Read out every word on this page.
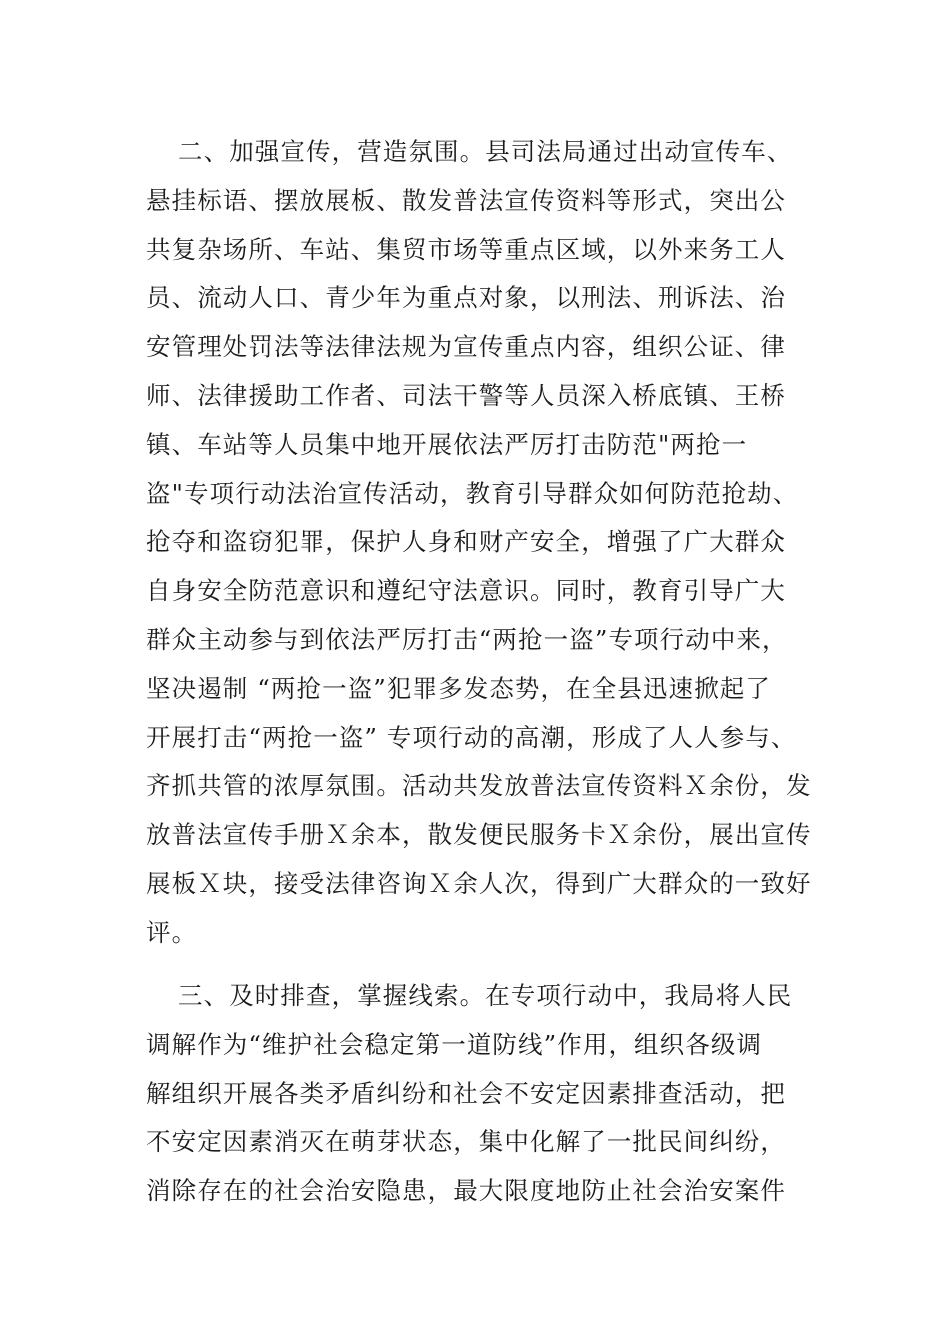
二、加强宣传，营造氛围。县司法局通过出动宣传车、
悬挂标语、摆放展板、散发普法宣传资料等形式，突出公
共复杂场所、车站、集贸市场等重点区域，以外来务工人
员、流动人口、青少年为重点对象，以刑法、刑诉法、治
安管理处罚法等法律法规为宣传重点内容，组织公证、律
师、法律援助工作者、司法干警等人员深入桥底镇、王桥
镇、车站等人员集中地开展依法严厉打击防范"两抢一
盗"专项行动法治宣传活动，教育引导群众如何防范抢劫、
抢夺和盗窃犯罪，保护人身和财产安全，增强了广大群众
自身安全防范意识和遵纪守法意识。同时，教育引导广大
群众主动参与到依法严厉打击“两抢一盗”专项行动中来，
坚决遏制 “两抢一盗”犯罪多发态势，在全县迅速掀起了
开展打击“两抢一盗” 专项行动的高潮，形成了人人参与、
齐抓共管的浓厚氛围。活动共发放普法宣传资料Ｘ余份，发
放普法宣传手册Ｘ余本，散发便民服务卡Ｘ余份，展出宣传
展板Ｘ块，接受法律咨询Ｘ余人次，得到广大群众的一致好
评。
三、及时排查，掌握线索。在专项行动中，我局将人民
调解作为“维护社会稳定第一道防线”作用，组织各级调
解组织开展各类矛盾纠纷和社会不安定因素排查活动，把
不安定因素消灭在萌芽状态，集中化解了一批民间纠纷，
消除存在的社会治安隐患，最大限度地防止社会治安案件
